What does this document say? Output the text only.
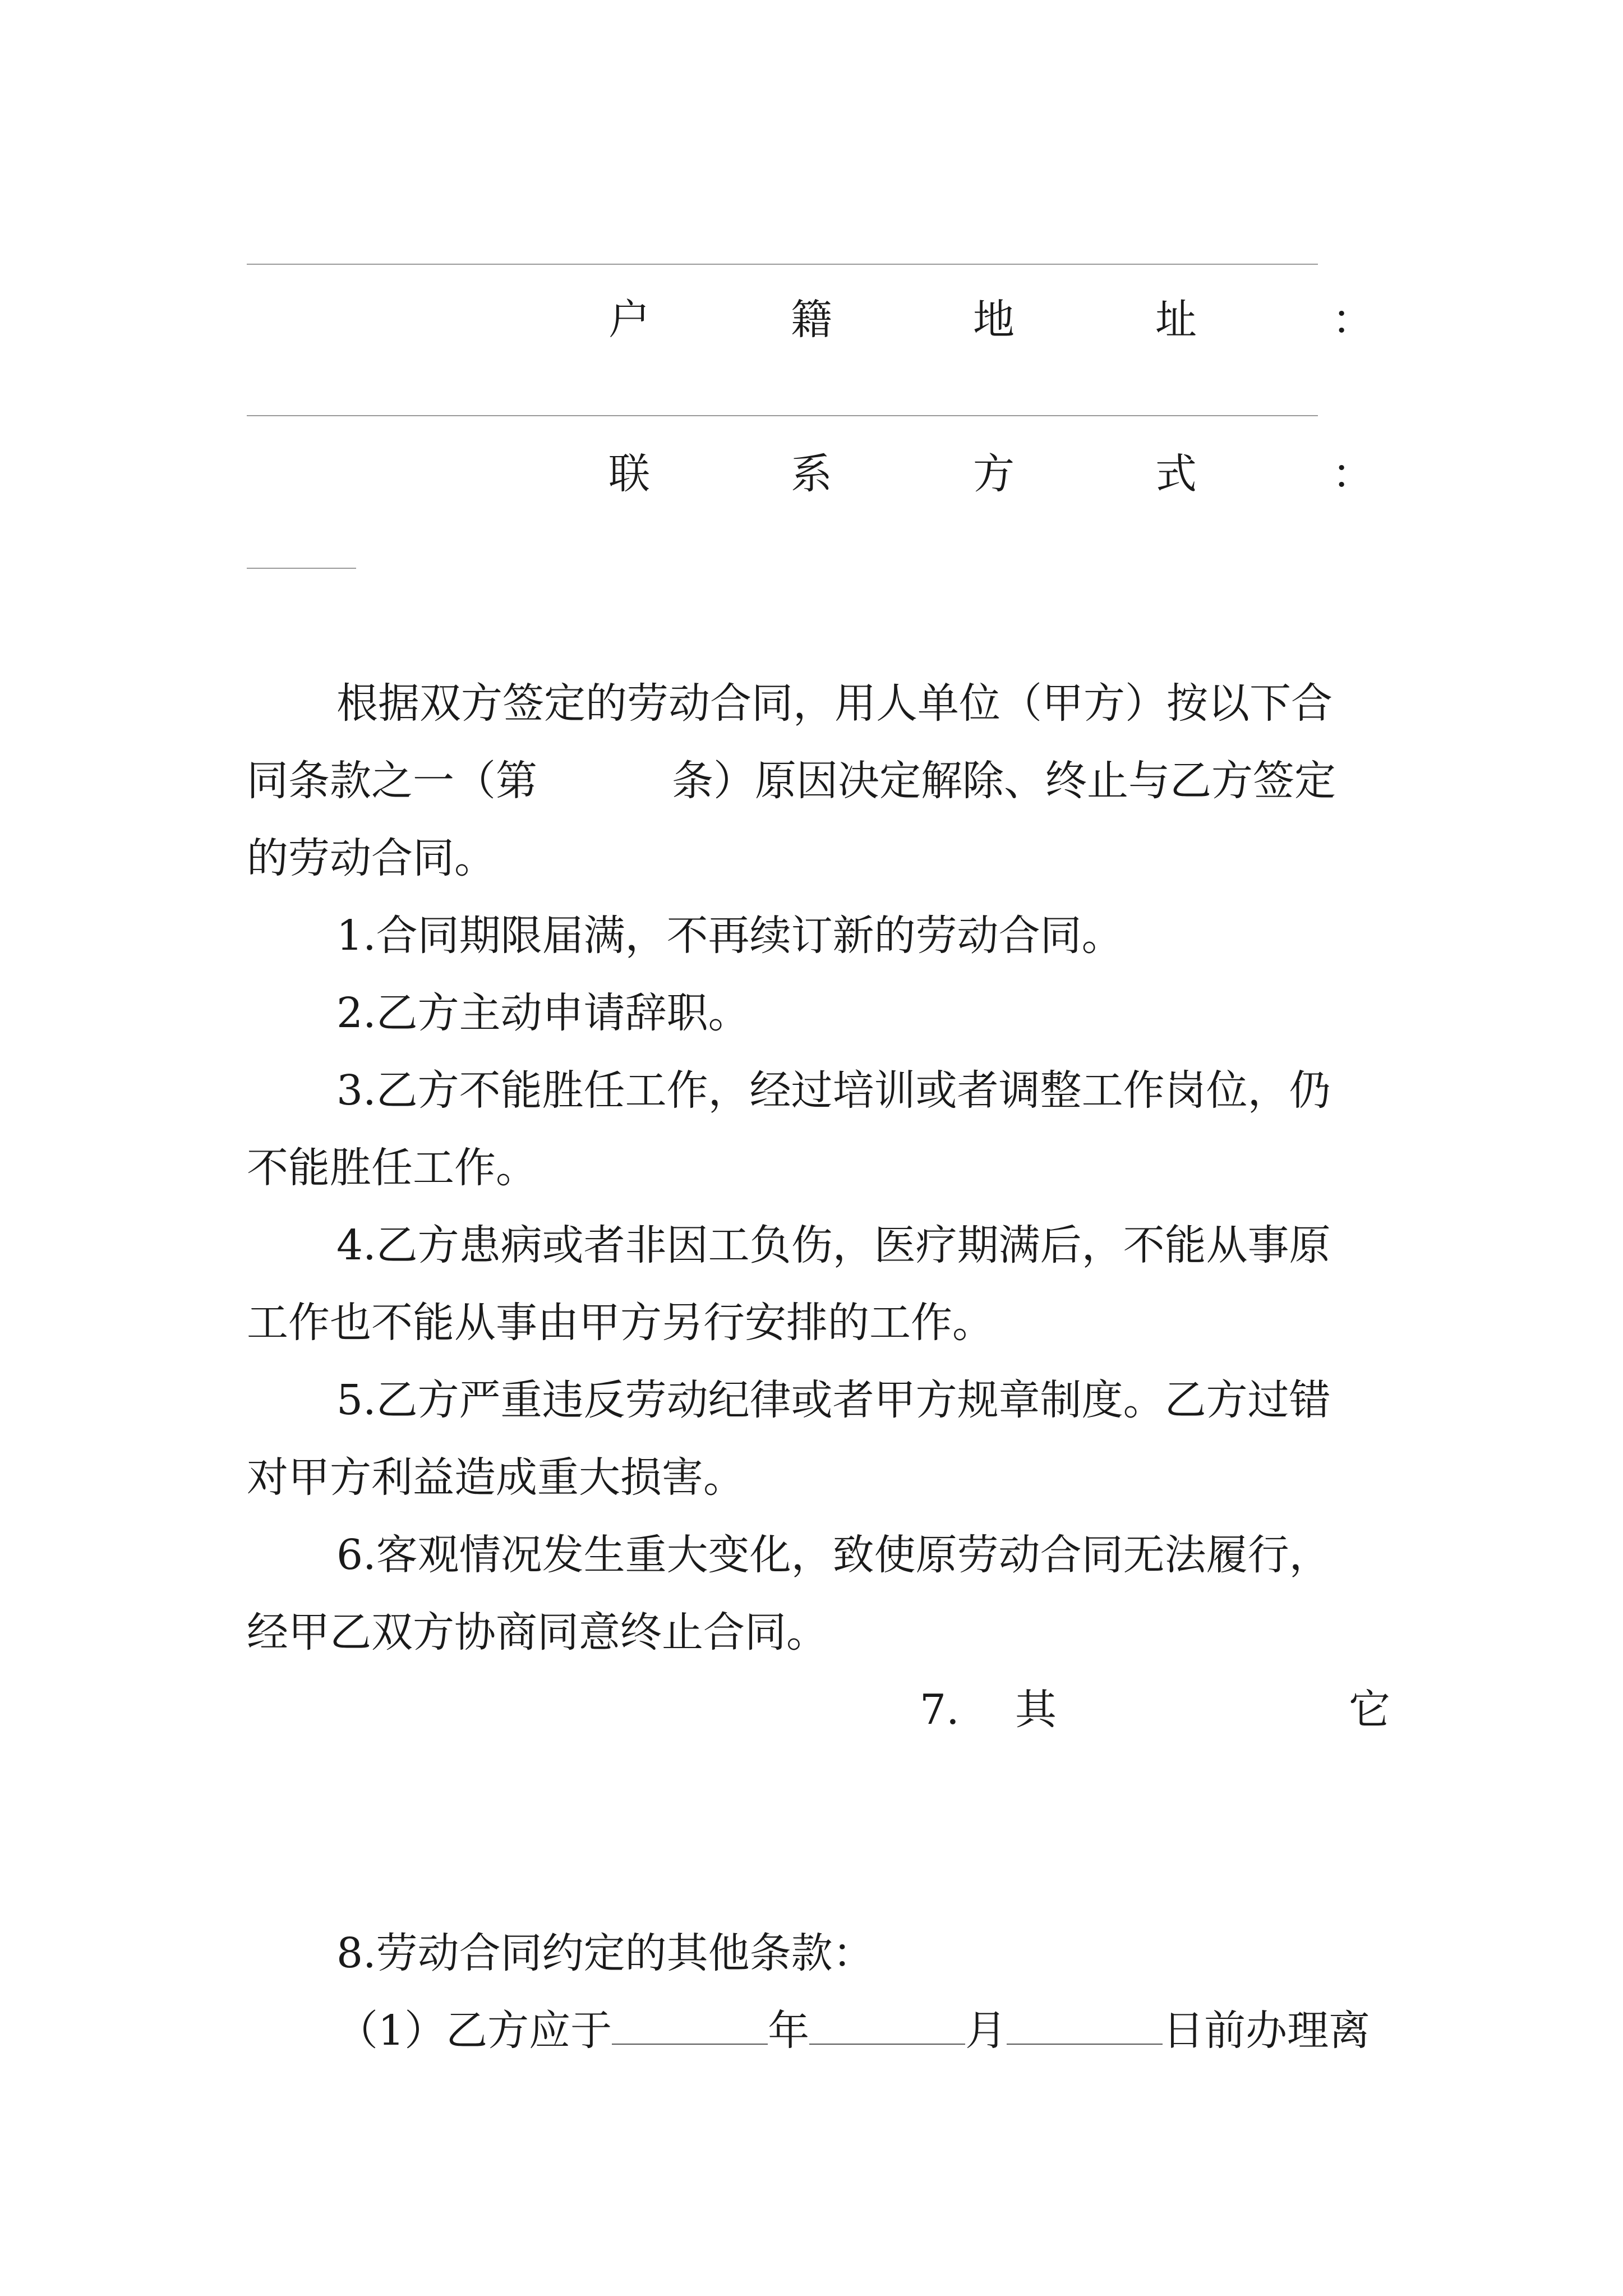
户	籍	地	址	：
联	系	方	式	：
根据双方签定的劳动合同，用人单位（甲方）按以下合
同条款之一（第	条）原因决定解除、终止与乙方签定
的劳动合同。
1.合同期限届满，不再续订新的劳动合同。
2.乙方主动申请辞职。
3.乙方不能胜任工作，经过培训或者调整工作岗位，仍
不能胜任工作。
4.乙方患病或者非因工负伤，医疗期满后，不能从事原
工作也不能从事由甲方另行安排的工作。
5.乙方严重违反劳动纪律或者甲方规章制度。乙方过错
对甲方利益造成重大损害。
6.客观情况发生重大变化，致使原劳动合同无法履行，
经甲乙双方协商同意终止合同。
7. 其	它
8.劳动合同约定的其他条款：
（1）乙方应于	年	月	日前办理离
